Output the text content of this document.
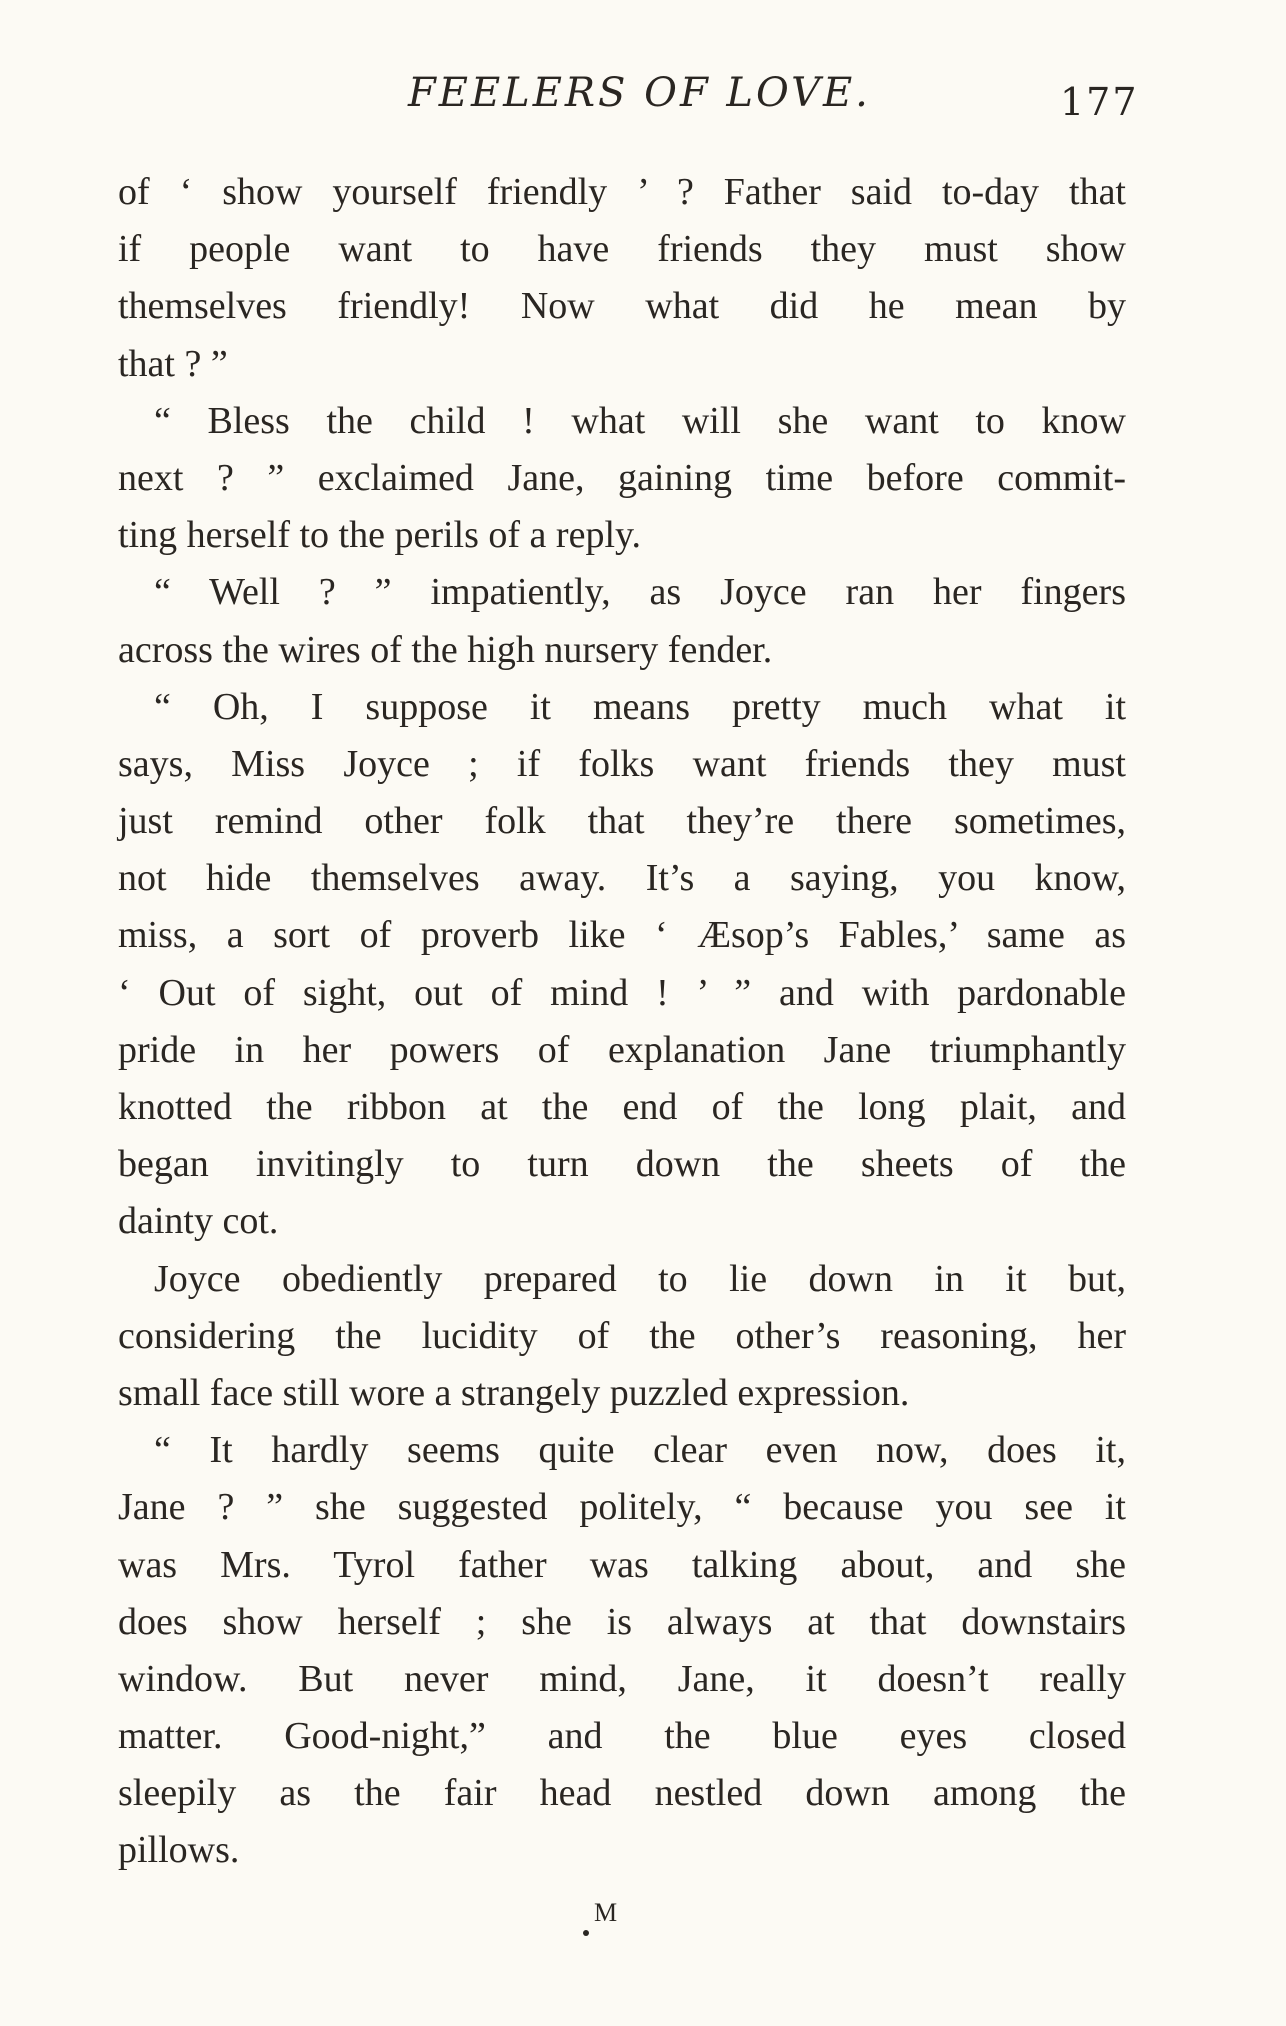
FEELERS OF LOVE.	177
of ‘ show yourself friendly ’ ? Father said to-day that
if people want to have friends they must show
themselves friendly! Now what did he mean by
that ? ”
“ Bless the child ! what will she want to know
next ? ” exclaimed Jane, gaining time before commit-
ting herself to the perils of a reply.
“ Well ? ” impatiently, as Joyce ran her fingers
across the wires of the high nursery fender.
“ Oh, I suppose it means pretty much what it
says, Miss Joyce ; if folks want friends they must
just remind other folk that they’re there sometimes,
not hide themselves away. It’s a saying, you know,
miss, a sort of proverb like ‘ Æsop’s Fables,’ same as
‘ Out of sight, out of mind ! ’ ” and with pardonable
pride in her powers of explanation Jane triumphantly
knotted the ribbon at the end of the long plait, and
began invitingly to turn down the sheets of the
dainty cot.
Joyce obediently prepared to lie down in it but,
considering the lucidity of the other’s reasoning, her
small face still wore a strangely puzzled expression.
“ It hardly seems quite clear even now, does it,
Jane ? ” she suggested politely, “ because you see it
was Mrs. Tyrol father was talking about, and she
does show herself ; she is always at that downstairs
window. But never mind, Jane, it doesn’t really
matter. Good-night,” and the blue eyes closed
sleepily as the fair head nestled down among the
pillows.
M
